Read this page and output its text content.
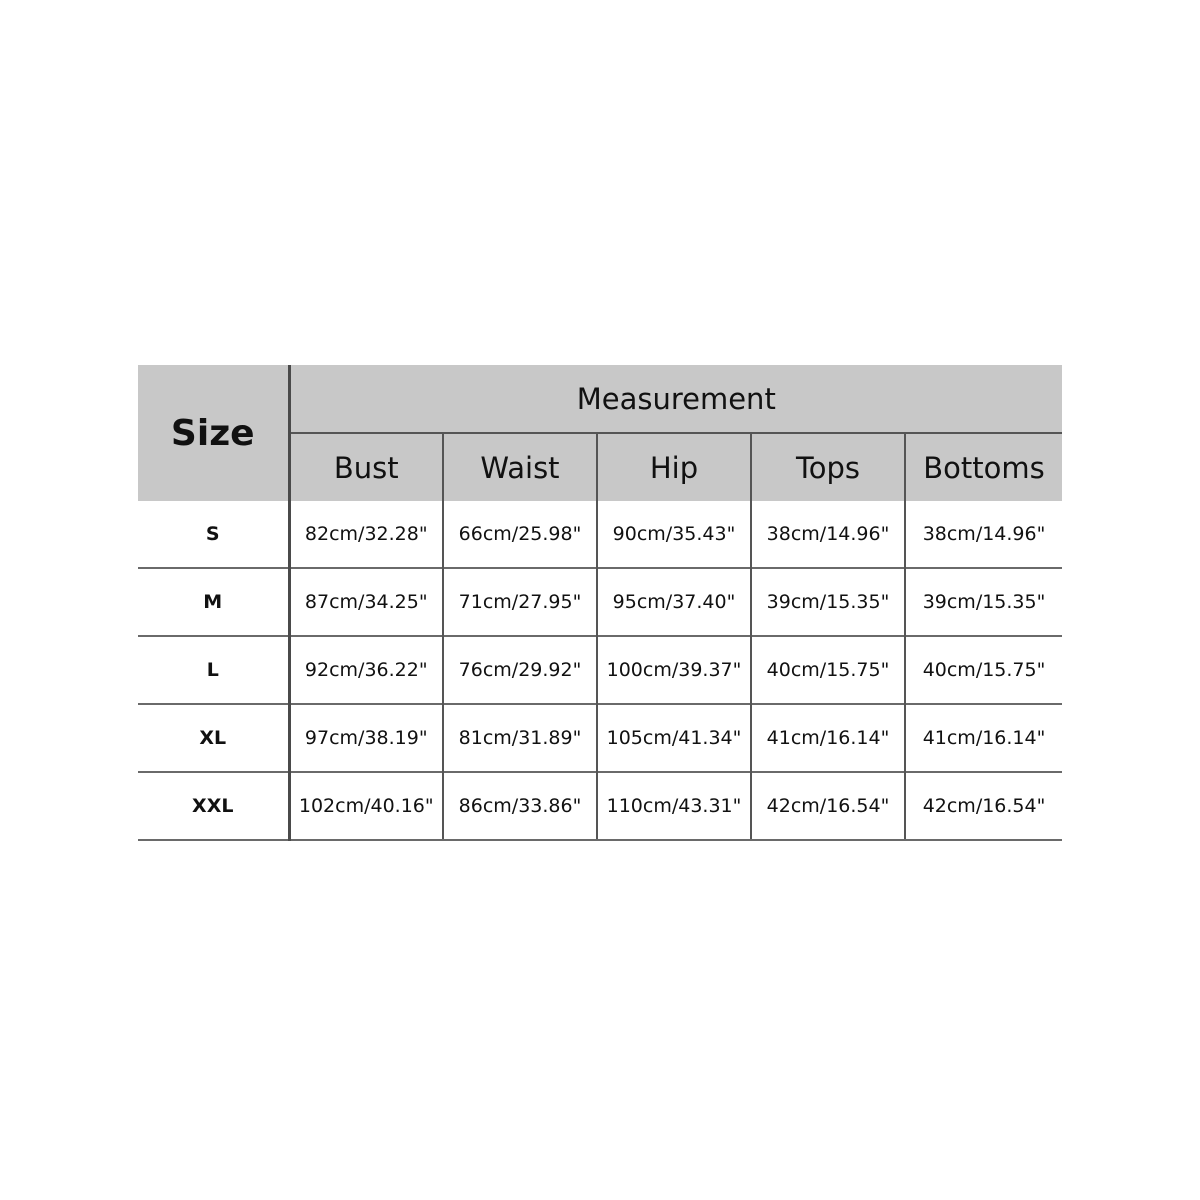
Size	Measurement				
	Bust	Waist	Hip	Tops	Bottoms
S	82cm/32.28"	66cm/25.98"	90cm/35.43"	38cm/14.96"	38cm/14.96"
M	87cm/34.25"	71cm/27.95"	95cm/37.40"	39cm/15.35"	39cm/15.35"
L	92cm/36.22"	76cm/29.92"	100cm/39.37"	40cm/15.75"	40cm/15.75"
XL	97cm/38.19"	81cm/31.89"	105cm/41.34"	41cm/16.14"	41cm/16.14"
XXL	102cm/40.16"	86cm/33.86"	110cm/43.31"	42cm/16.54"	42cm/16.54"
